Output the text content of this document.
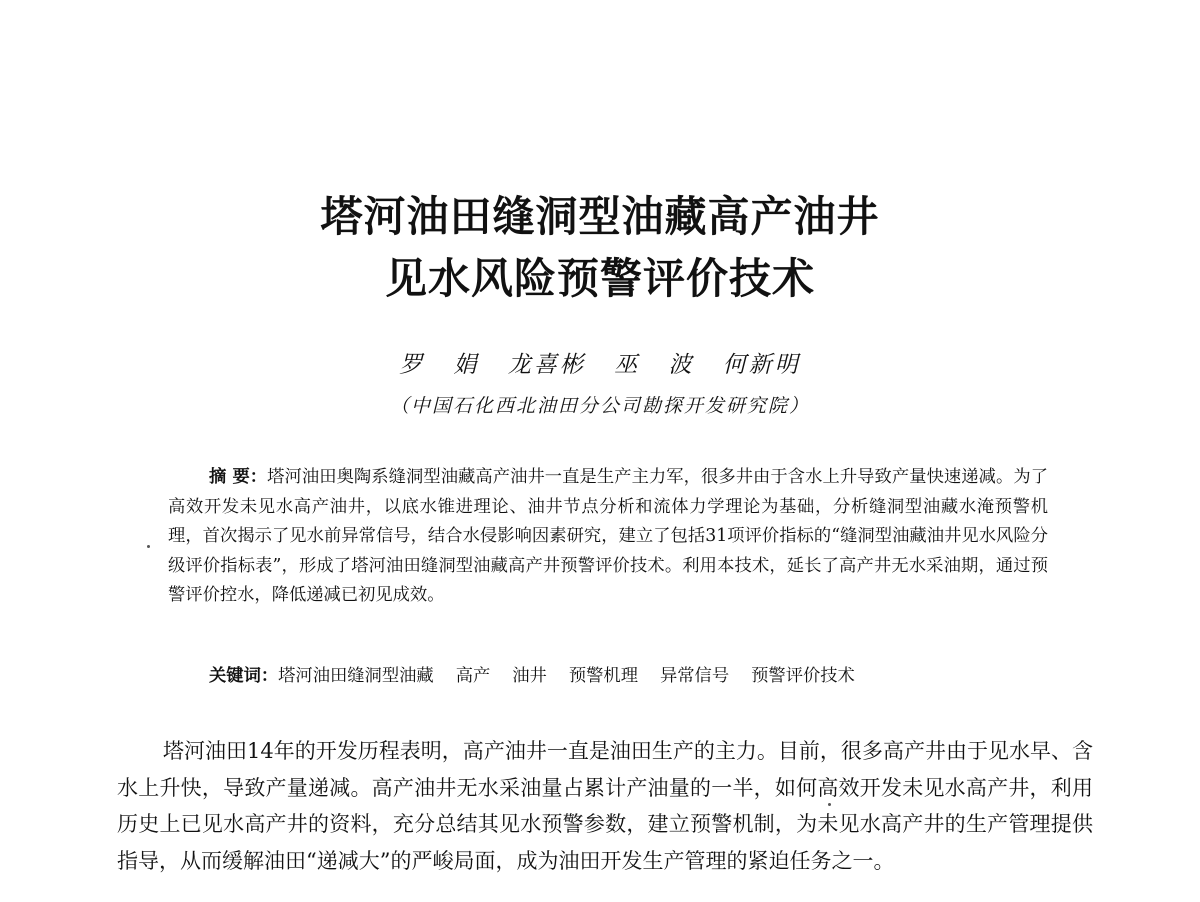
塔河油田缝洞型油藏高产油井
见水风险预警评价技术
罗 娟 龙喜彬 巫 波 何新明
（中国石化西北油田分公司勘探开发研究院）

摘 要：塔河油田奥陶系缝洞型油藏高产油井一直是生产主力军，很多井由于含水上升导致产量快速递减。为了高效开发未见水高产油井，以底水锥进理论、油井节点分析和流体力学理论为基础，分析缝洞型油藏水淹预警机理，首次揭示了见水前异常信号，结合水侵影响因素研究，建立了包括31项评价指标的“缝洞型油藏油井见水风险分级评价指标表”，形成了塔河油田缝洞型油藏高产井预警评价技术。利用本技术，延长了高产井无水采油期，通过预警评价控水，降低递减已初见成效。

关键词：塔河油田缝洞型油藏 高产 油井 预警机理 异常信号 预警评价技术

塔河油田14年的开发历程表明，高产油井一直是油田生产的主力。目前，很多高产井由于见水早、含水上升快，导致产量递减。高产油井无水采油量占累计产油量的一半，如何高效开发未见水高产井，利用历史上已见水高产井的资料，充分总结其见水预警参数，建立预警机制，为未见水高产井的生产管理提供指导，从而缓解油田“递减大”的严峻局面，成为油田开发生产管理的紧迫任务之一。
